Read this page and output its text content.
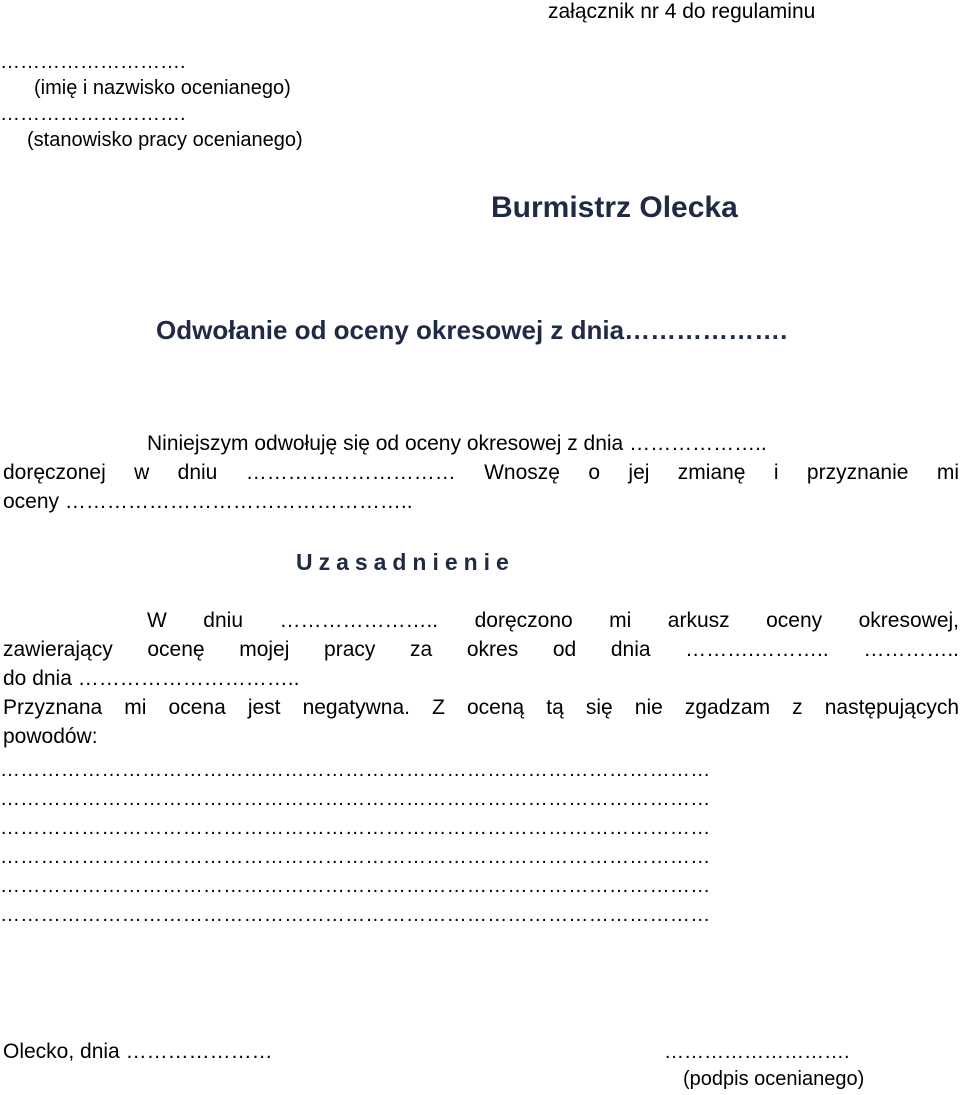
załącznik nr 4 do regulaminu
……………………….
(imię i nazwisko ocenianego)
……………………….
(stanowisko pracy ocenianego)
Burmistrz Olecka
Odwołanie od oceny okresowej z dnia……………….
Niniejszym odwołuję się od oceny okresowej z dnia ………………..
doręczonej w dniu ………………………… Wnoszę o jej zmianę i przyznanie mi
oceny …………………………………………..
Uzasadnienie
W dniu ………………….. doręczono mi arkusz oceny okresowej,
zawierający ocenę mojej pracy za okres od dnia ……….……….. …………..
do dnia …………………………..
Przyznana mi ocena jest negatywna. Z oceną tą się nie zgadzam z następujących
powodów:
……………………………………………………………………………………………
……………………………………………………………………………………………
……………………………………………………………………………………………
……………………………………………………………………………………………
……………………………………………………………………………………………
……………………………………………………………………………………………
Olecko, dnia …………………	……………………….
(podpis ocenianego)
